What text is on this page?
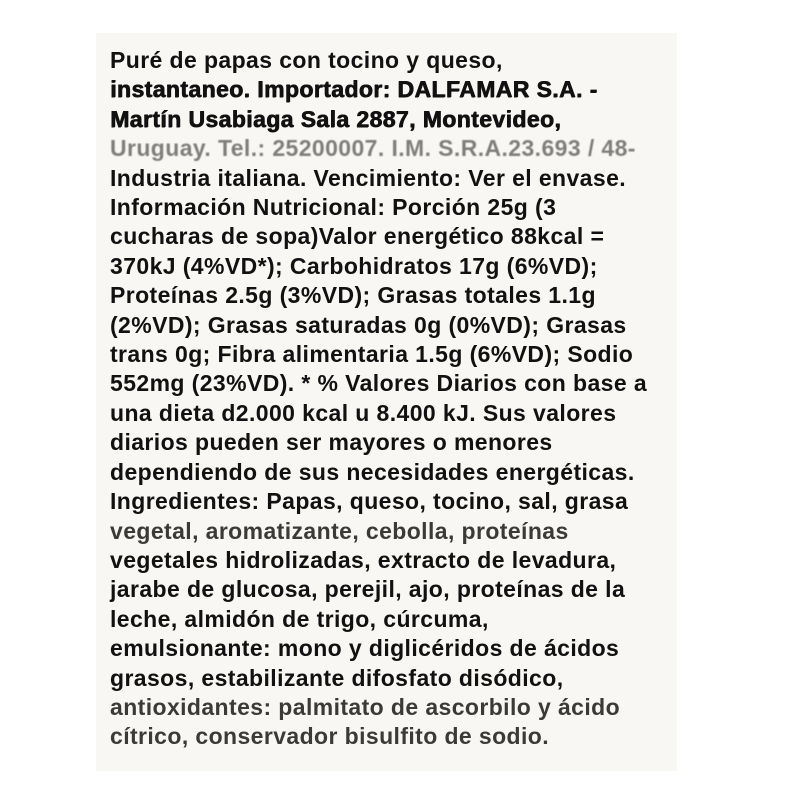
Puré de papas con tocino y queso,
instantaneo. Importador: DALFAMAR S.A. -
Martín Usabiaga Sala 2887, Montevideo,
Uruguay. Tel.: 25200007. I.M. S.R.A.23.693 / 48-
Industria italiana. Vencimiento: Ver el envase.
Información Nutricional: Porción 25g (3
cucharas de sopa)Valor energético 88kcal =
370kJ (4%VD*); Carbohidratos 17g (6%VD);
Proteínas 2.5g (3%VD); Grasas totales 1.1g
(2%VD); Grasas saturadas 0g (0%VD); Grasas
trans 0g; Fibra alimentaria 1.5g (6%VD); Sodio
552mg (23%VD). * % Valores Diarios con base a
una dieta d2.000 kcal u 8.400 kJ. Sus valores
diarios pueden ser mayores o menores
dependiendo de sus necesidades energéticas.
Ingredientes: Papas, queso, tocino, sal, grasa
vegetal, aromatizante, cebolla, proteínas
vegetales hidrolizadas, extracto de levadura,
jarabe de glucosa, perejil, ajo, proteínas de la
leche, almidón de trigo, cúrcuma,
emulsionante: mono y diglicéridos de ácidos
grasos, estabilizante difosfato disódico,
antioxidantes: palmitato de ascorbilo y ácido
cítrico, conservador bisulfito de sodio.
